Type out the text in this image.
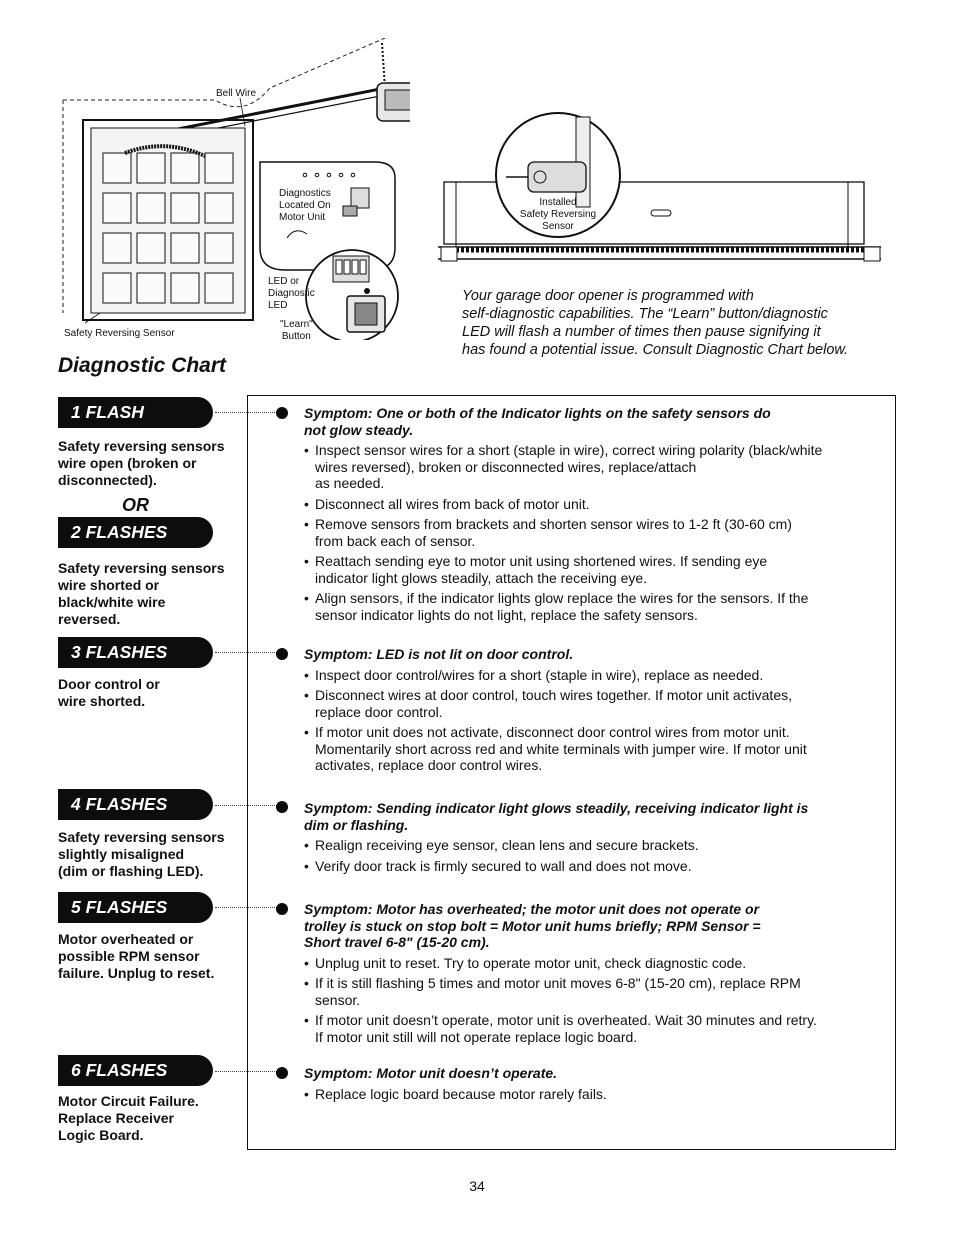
Bell Wire
Diagnostics
Located On
Motor Unit
LED or
Diagnostic
LED
"Learn"
Button
Safety Reversing Sensor
Installed
Safety Reversing
Sensor
Your garage door opener is programmed with
self-diagnostic capabilities. The “Learn” button/diagnostic
LED will flash a number of times then pause signifying it
has found a potential issue. Consult Diagnostic Chart below.
Diagnostic Chart
1 FLASH
Safety reversing sensors
wire open (broken or
disconnected).
OR
2 FLASHES
Safety reversing sensors
wire shorted or
black/white wire
reversed.
3 FLASHES
Door control or
wire shorted.
4 FLASHES
Safety reversing sensors
slightly misaligned
(dim or flashing LED).
5 FLASHES
Motor overheated or
possible RPM sensor
failure. Unplug to reset.
6 FLASHES
Motor Circuit Failure.
Replace Receiver
Logic Board.
Symptom: One or both of the Indicator lights on the safety sensors do
not glow steady.
• Inspect sensor wires for a short (staple in wire), correct wiring polarity (black/white
wires reversed), broken or disconnected wires, replace/attach
as needed.
• Disconnect all wires from back of motor unit.
• Remove sensors from brackets and shorten sensor wires to 1-2 ft (30-60 cm)
from back each of sensor.
• Reattach sending eye to motor unit using shortened wires. If sending eye
indicator light glows steadily, attach the receiving eye.
• Align sensors, if the indicator lights glow replace the wires for the sensors. If the
sensor indicator lights do not light, replace the safety sensors.
Symptom: LED is not lit on door control.
• Inspect door control/wires for a short (staple in wire), replace as needed.
• Disconnect wires at door control, touch wires together. If motor unit activates,
replace door control.
• If motor unit does not activate, disconnect door control wires from motor unit.
Momentarily short across red and white terminals with jumper wire. If motor unit
activates, replace door control wires.
Symptom: Sending indicator light glows steadily, receiving indicator light is
dim or flashing.
• Realign receiving eye sensor, clean lens and secure brackets.
• Verify door track is firmly secured to wall and does not move.
Symptom: Motor has overheated; the motor unit does not operate or
trolley is stuck on stop bolt = Motor unit hums briefly; RPM Sensor =
Short travel 6-8" (15-20 cm).
• Unplug unit to reset. Try to operate motor unit, check diagnostic code.
• If it is still flashing 5 times and motor unit moves 6-8" (15-20 cm), replace RPM
sensor.
• If motor unit doesn’t operate, motor unit is overheated. Wait 30 minutes and retry.
If motor unit still will not operate replace logic board.
Symptom: Motor unit doesn’t operate.
• Replace logic board because motor rarely fails.
34
